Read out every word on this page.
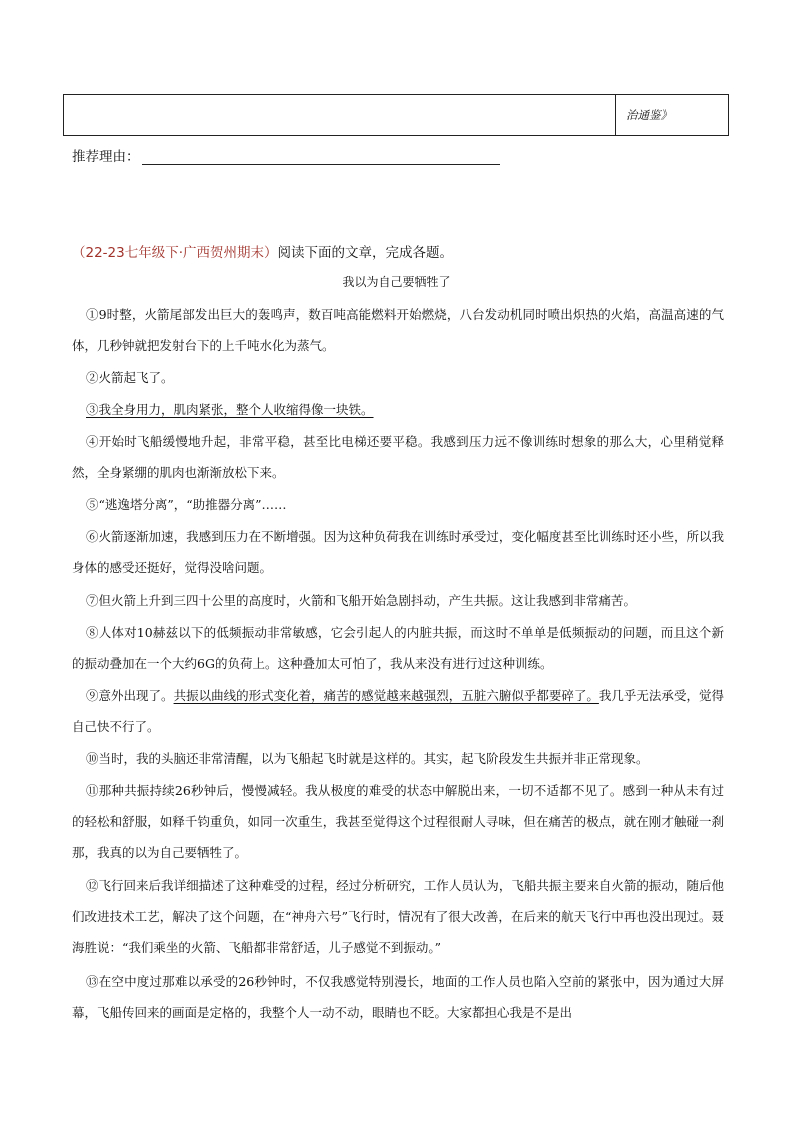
治通鉴》
推荐理由：
（22-23七年级下·广西贺州期末）阅读下面的文章，完成各题。
我以为自己要牺牲了

①9时整，火箭尾部发出巨大的轰鸣声，数百吨高能燃料开始燃烧，八台发动机同时喷出炽热的火焰，高温高速的气体，几秒钟就把发射台下的上千吨水化为蒸气。

②火箭起飞了。

③我全身用力，肌肉紧张，整个人收缩得像一块铁。

④开始时飞船缓慢地升起，非常平稳，甚至比电梯还要平稳。我感到压力远不像训练时想象的那么大，心里稍觉释然，全身紧绷的肌肉也渐渐放松下来。

⑤“逃逸塔分离”，“助推器分离”……

⑥火箭逐渐加速，我感到压力在不断增强。因为这种负荷我在训练时承受过，变化幅度甚至比训练时还小些，所以我身体的感受还挺好，觉得没啥问题。

⑦但火箭上升到三四十公里的高度时，火箭和飞船开始急剧抖动，产生共振。这让我感到非常痛苦。

⑧人体对10赫兹以下的低频振动非常敏感，它会引起人的内脏共振，而这时不单单是低频振动的问题，而且这个新的振动叠加在一个大约6G的负荷上。这种叠加太可怕了，我从来没有进行过这种训练。

⑨意外出现了。共振以曲线的形式变化着，痛苦的感觉越来越强烈，五脏六腑似乎都要碎了。我几乎无法承受，觉得自己快不行了。

⑩当时，我的头脑还非常清醒，以为飞船起飞时就是这样的。其实，起飞阶段发生共振并非正常现象。

⑪那种共振持续26秒钟后，慢慢减轻。我从极度的难受的状态中解脱出来，一切不适都不见了。感到一种从未有过的轻松和舒服，如释千钧重负，如同一次重生，我甚至觉得这个过程很耐人寻味，但在痛苦的极点，就在刚才触碰一刹那，我真的以为自己要牺牲了。

⑫飞行回来后我详细描述了这种难受的过程，经过分析研究，工作人员认为，飞船共振主要来自火箭的振动，随后他们改进技术工艺，解决了这个问题，在“神舟六号”飞行时，情况有了很大改善，在后来的航天飞行中再也没出现过。聂海胜说：“我们乘坐的火箭、飞船都非常舒适，儿子感觉不到振动。”

⑬在空中度过那难以承受的26秒钟时，不仅我感觉特别漫长，地面的工作人员也陷入空前的紧张中，因为通过大屏幕，飞船传回来的画面是定格的，我整个人一动不动，眼睛也不眨。大家都担心我是不是出
